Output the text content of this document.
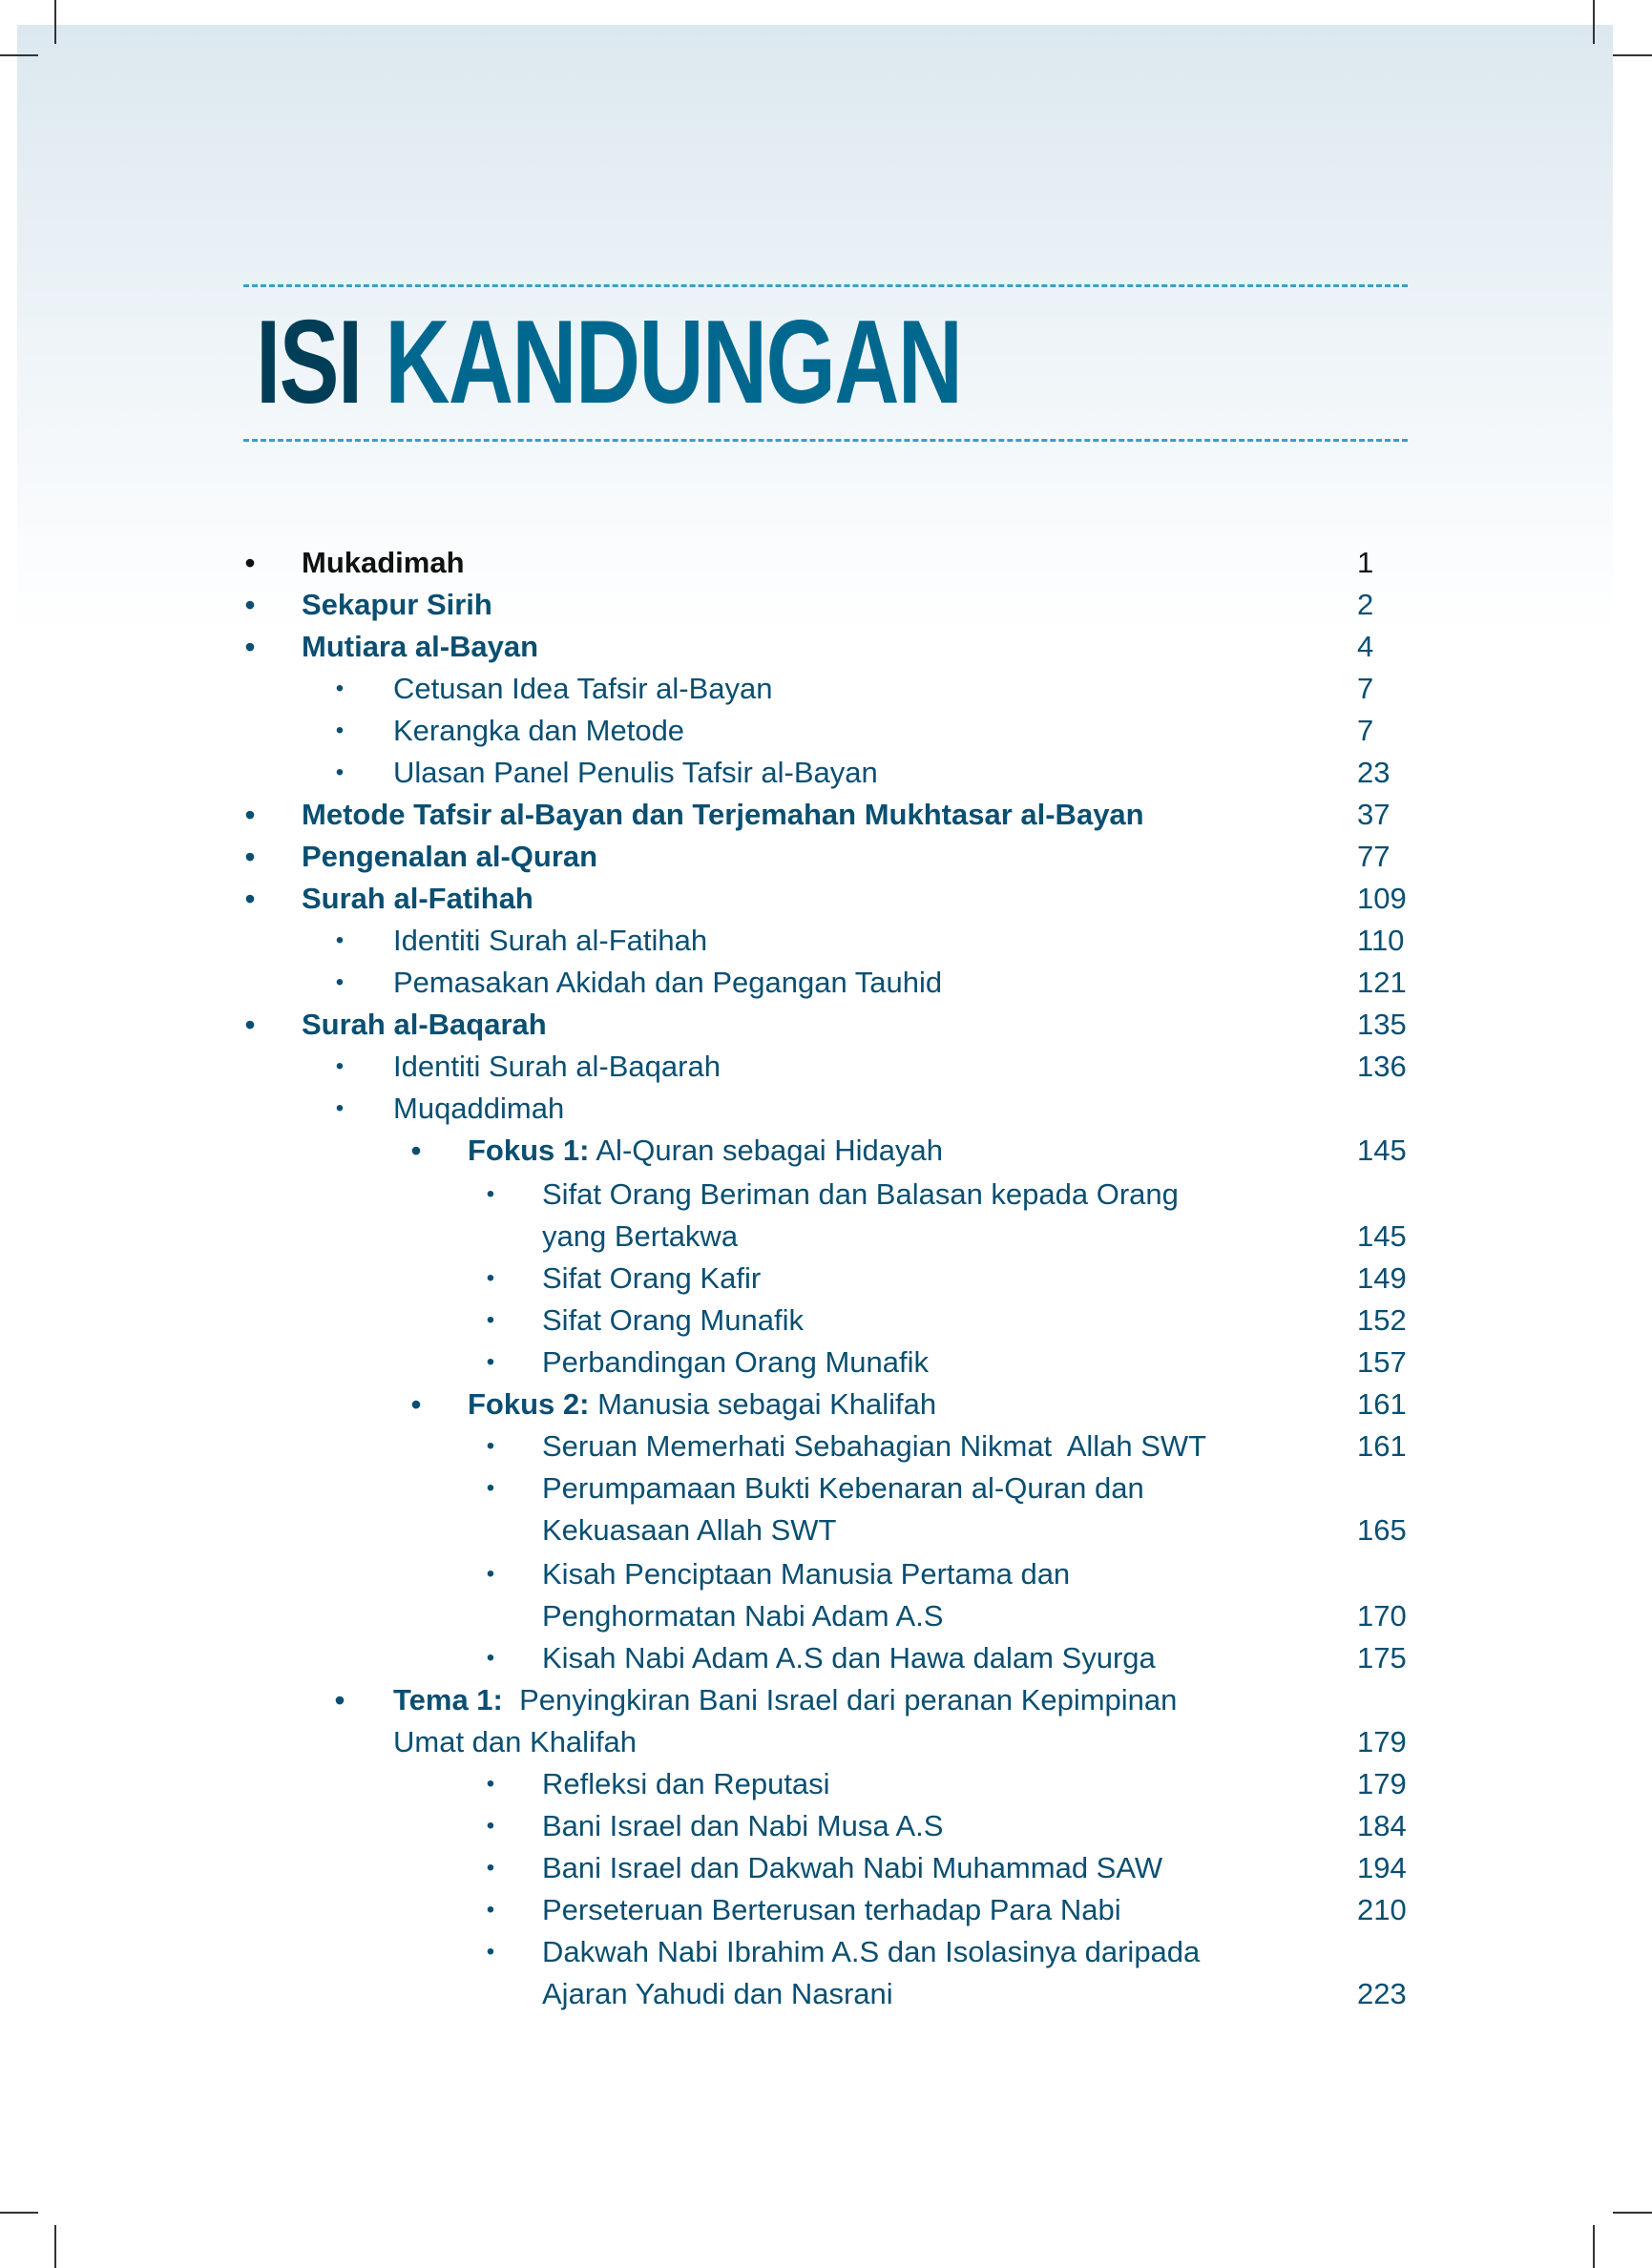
ISI KANDUNGAN
• Mukadimah	1
• Sekapur Sirih	2
• Mutiara al-Bayan	4
• Cetusan Idea Tafsir al-Bayan	7
• Kerangka dan Metode	7
• Ulasan Panel Penulis Tafsir al-Bayan	23
• Metode Tafsir al-Bayan dan Terjemahan Mukhtasar al-Bayan	37
• Pengenalan al-Quran	77
• Surah al-Fatihah	109
• Identiti Surah al-Fatihah	110
• Pemasakan Akidah dan Pegangan Tauhid	121
• Surah al-Baqarah	135
• Identiti Surah al-Baqarah	136
• Muqaddimah
• Fokus 1: Al-Quran sebagai Hidayah	145
• Sifat Orang Beriman dan Balasan kepada Orang
yang Bertakwa	145
• Sifat Orang Kafir	149
• Sifat Orang Munafik	152
• Perbandingan Orang Munafik	157
• Fokus 2: Manusia sebagai Khalifah	161
• Seruan Memerhati Sebahagian Nikmat  Allah SWT	161
• Perumpamaan Bukti Kebenaran al-Quran dan
Kekuasaan Allah SWT	165
• Kisah Penciptaan Manusia Pertama dan
Penghormatan Nabi Adam A.S	170
• Kisah Nabi Adam A.S dan Hawa dalam Syurga	175
• Tema 1:  Penyingkiran Bani Israel dari peranan Kepimpinan
Umat dan Khalifah	179
• Refleksi dan Reputasi	179
• Bani Israel dan Nabi Musa A.S	184
• Bani Israel dan Dakwah Nabi Muhammad SAW	194
• Perseteruan Berterusan terhadap Para Nabi	210
• Dakwah Nabi Ibrahim A.S dan Isolasinya daripada
Ajaran Yahudi dan Nasrani	223
